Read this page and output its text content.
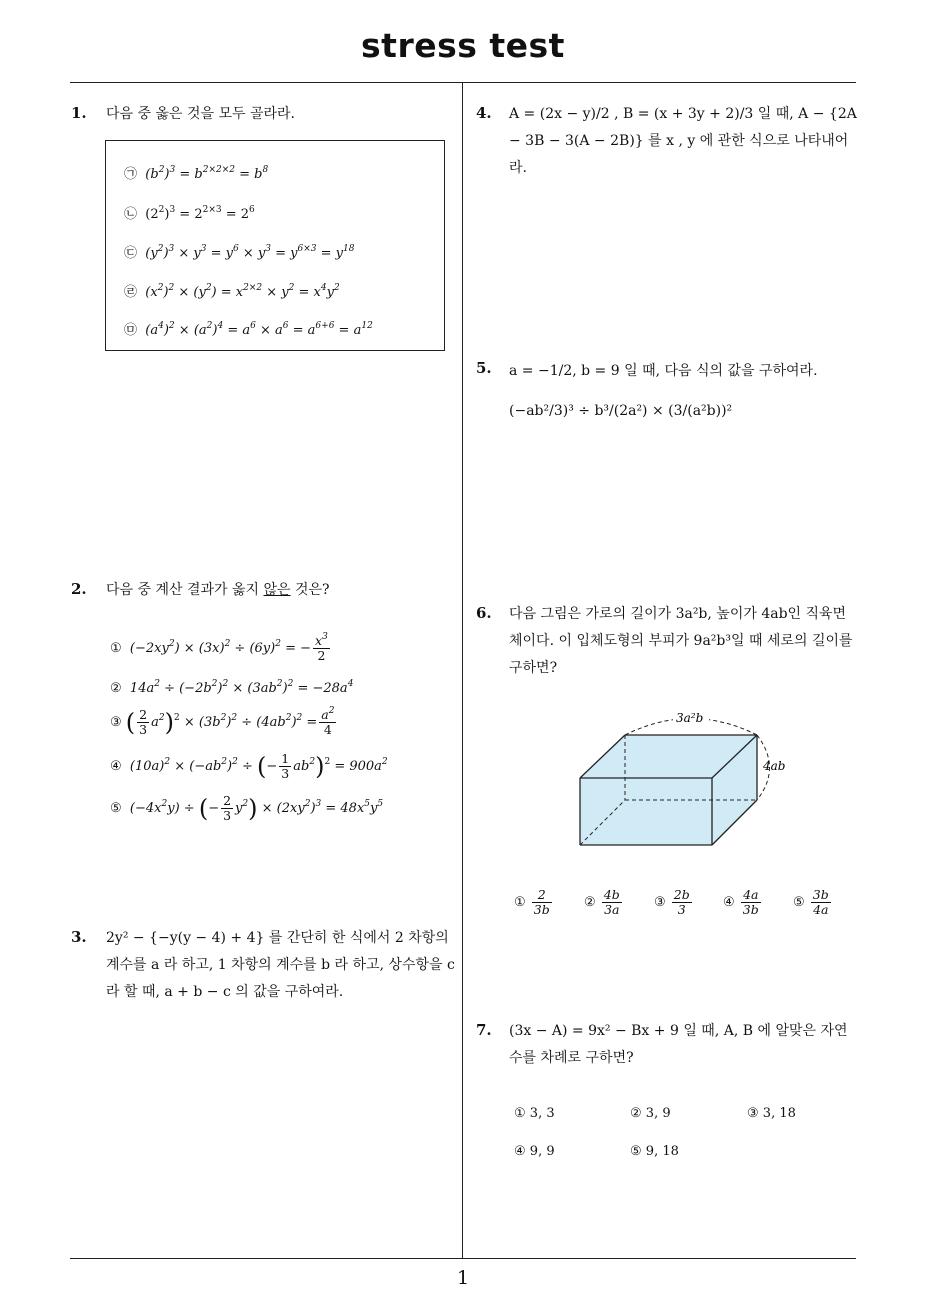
stress test
1
1. 다음 중 옳은 것을 모두 골라라.
㉠ $(b^2)^3 = b^{2\times 2\times 2} = b^8$
㉡ $(2^2)^3 = 2^{2\times 3} = 2^6$
㉢ $(y^2)^3 \times y^3 = y^6 \times y^3 = y^{6\times 3} = y^{18}$
㉣ $(x^2)^2 \times (y^2) = x^{2\times 2} \times y^2 = x^4y^2$
㉤ $(a^4)^2 \times (a^2)^4 = a^6 \times a^6 = a^{6+6} = a^{12}$
2. 다음 중 계산 결과가 옳지 않은 것은?
① $(-2xy^2) \times (3x)^2 \div (6y)^2$ = − $\frac{x^3}{2}$
② $14a^2 \div (-2b^2)^2 \times (3ab^2)^2 = -28a^4$
③ ( $\frac{2}{3} a^2)^2 \times (3b^2)^2 \div (4ab^2)^2 = \frac{a^2}{4}$
④ $(10a)^2 \times (-ab^2)^2$ ÷ (− $\frac{1}{3} ab^2)^2 = 900a^2$
⑤ $(-4x^2y)$ ÷ (− $\frac{2}{3} y^2) \times (2xy^2)^3 = 48x^5y^5$
3. 2y² − {−y(y − 4) + 4} 를 간단히 한 식에서 2 차항의 계수를 a 라 하고, 1 차항의 계수를 b 라 하고, 상수항을 c 라 할 때, a + b − c 의 값을 구하여라.
4. A = (2x − y)/2 , B = (x + 3y + 2)/3 일 때, A − {2A − 3B − 3(A − 2B)} 를 x , y 에 관한 식으로 나타내어라.
5. a = −1/2, b = 9 일 때, 다음 식의 값을 구하여라.
(−ab²/3)³ ÷ b³/(2a²) × (3/(a²b))²
6. 다음 그림은 가로의 길이가 3a²b, 높이가 4ab인 직육면체이다. 이 입체도형의 부피가 9a²b³일 때 세로의 길이를 구하면?
3a²b
4ab
① $\frac{2}{3b}$ ② $\frac{4b}{3a}$ ③ $\frac{2b}{3}$ ④ $\frac{4a}{3b}$ ⑤ $\frac{3b}{4a}$
7. (3x − A) = 9x² − Bx + 9 일 때, A, B 에 알맞은 자연수를 차례로 구하면?
① 3, 3	② 3, 9	③ 3, 18
④ 9, 9	⑤ 9, 18
